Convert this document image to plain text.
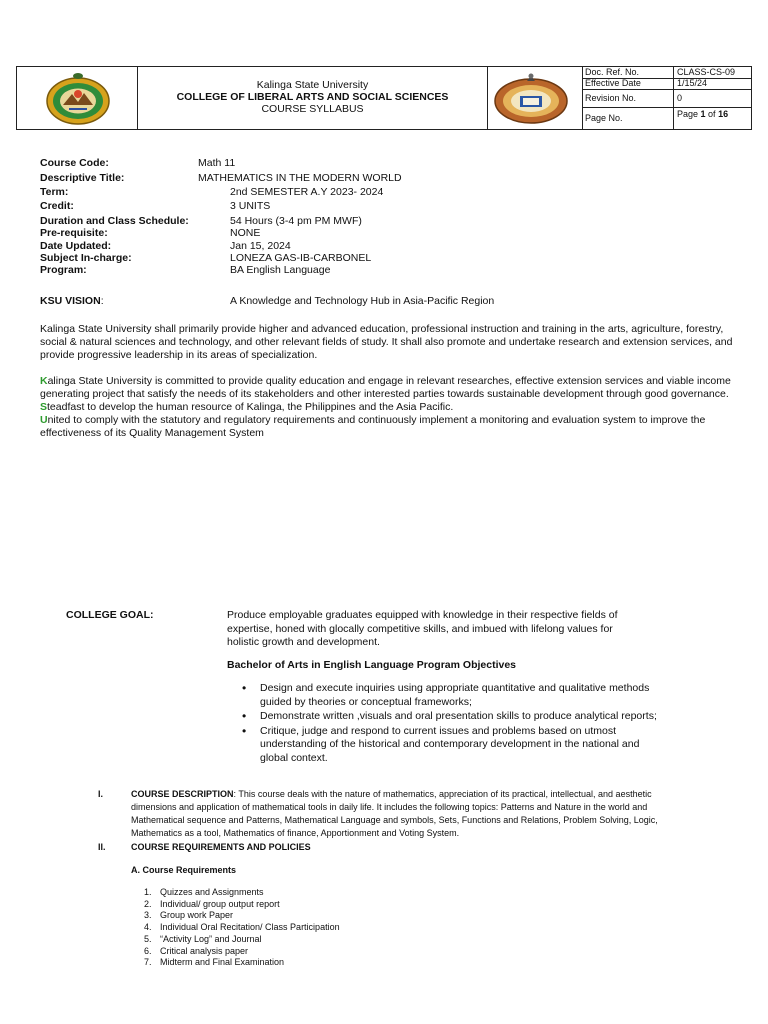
Kalinga State University
COLLEGE OF LIBERAL ARTS AND SOCIAL SCIENCES
COURSE SYLLABUS
Doc. Ref. No.	CLASS-CS-09
Effective Date	1/15/24
Revision No.	0
Page No.	Page 1 of 16
Course Code:	Math 11
Descriptive Title:	MATHEMATICS IN THE MODERN WORLD
Term:	2nd SEMESTER A.Y 2023- 2024
Credit:	3 UNITS
Duration and Class Schedule:	54 Hours (3-4 pm PM MWF)
Pre-requisite:	NONE
Date Updated:	Jan 15, 2024
Subject In-charge:	LONEZA GAS-IB-CARBONEL
Program:	BA English Language
KSU VISION:	A Knowledge and Technology Hub in Asia-Pacific Region
Kalinga State University shall primarily provide higher and advanced education, professional instruction and training in the arts, agriculture, forestry, social & natural sciences and technology, and other relevant fields of study. It shall also promote and undertake research and extension services, and provide progressive leadership in its areas of specialization.
Kalinga State University is committed to provide quality education and engage in relevant researches, effective extension services and viable income generating project that satisfy the needs of its stakeholders and other interested parties towards sustainable development through good governance.
Steadfast to develop the human resource of Kalinga, the Philippines and the Asia Pacific.
United to comply with the statutory and regulatory requirements and continuously implement a monitoring and evaluation system to improve the effectiveness of its Quality Management System
COLLEGE GOAL:	Produce employable graduates equipped with knowledge in their respective fields of expertise, honed with glocally competitive skills, and imbued with lifelong values for holistic growth and development.
Bachelor of Arts in English Language Program Objectives
• Design and execute inquiries using appropriate quantitative and qualitative methods guided by theories or conceptual frameworks;
• Demonstrate written ,visuals and oral presentation skills to produce analytical reports;
• Critique, judge and respond to current issues and problems based on utmost understanding of the historical and contemporary development in the national and global context.
I.	COURSE DESCRIPTION: This course deals with the nature of mathematics, appreciation of its practical, intellectual, and aesthetic dimensions and application of mathematical tools in daily life. It includes the following topics: Patterns and Nature in the world and Mathematical sequence and Patterns, Mathematical Language and symbols, Sets, Functions and Relations, Problem Solving, Logic, Mathematics as a tool, Mathematics of finance, Apportionment and Voting System.
II.	COURSE REQUIREMENTS AND POLICIES
A. Course Requirements
1. Quizzes and Assignments
2. Individual/ group output report
3. Group work Paper
4. Individual Oral Recitation/ Class Participation
5. “Activity Log” and Journal
6. Critical analysis paper
7. Midterm and Final Examination
